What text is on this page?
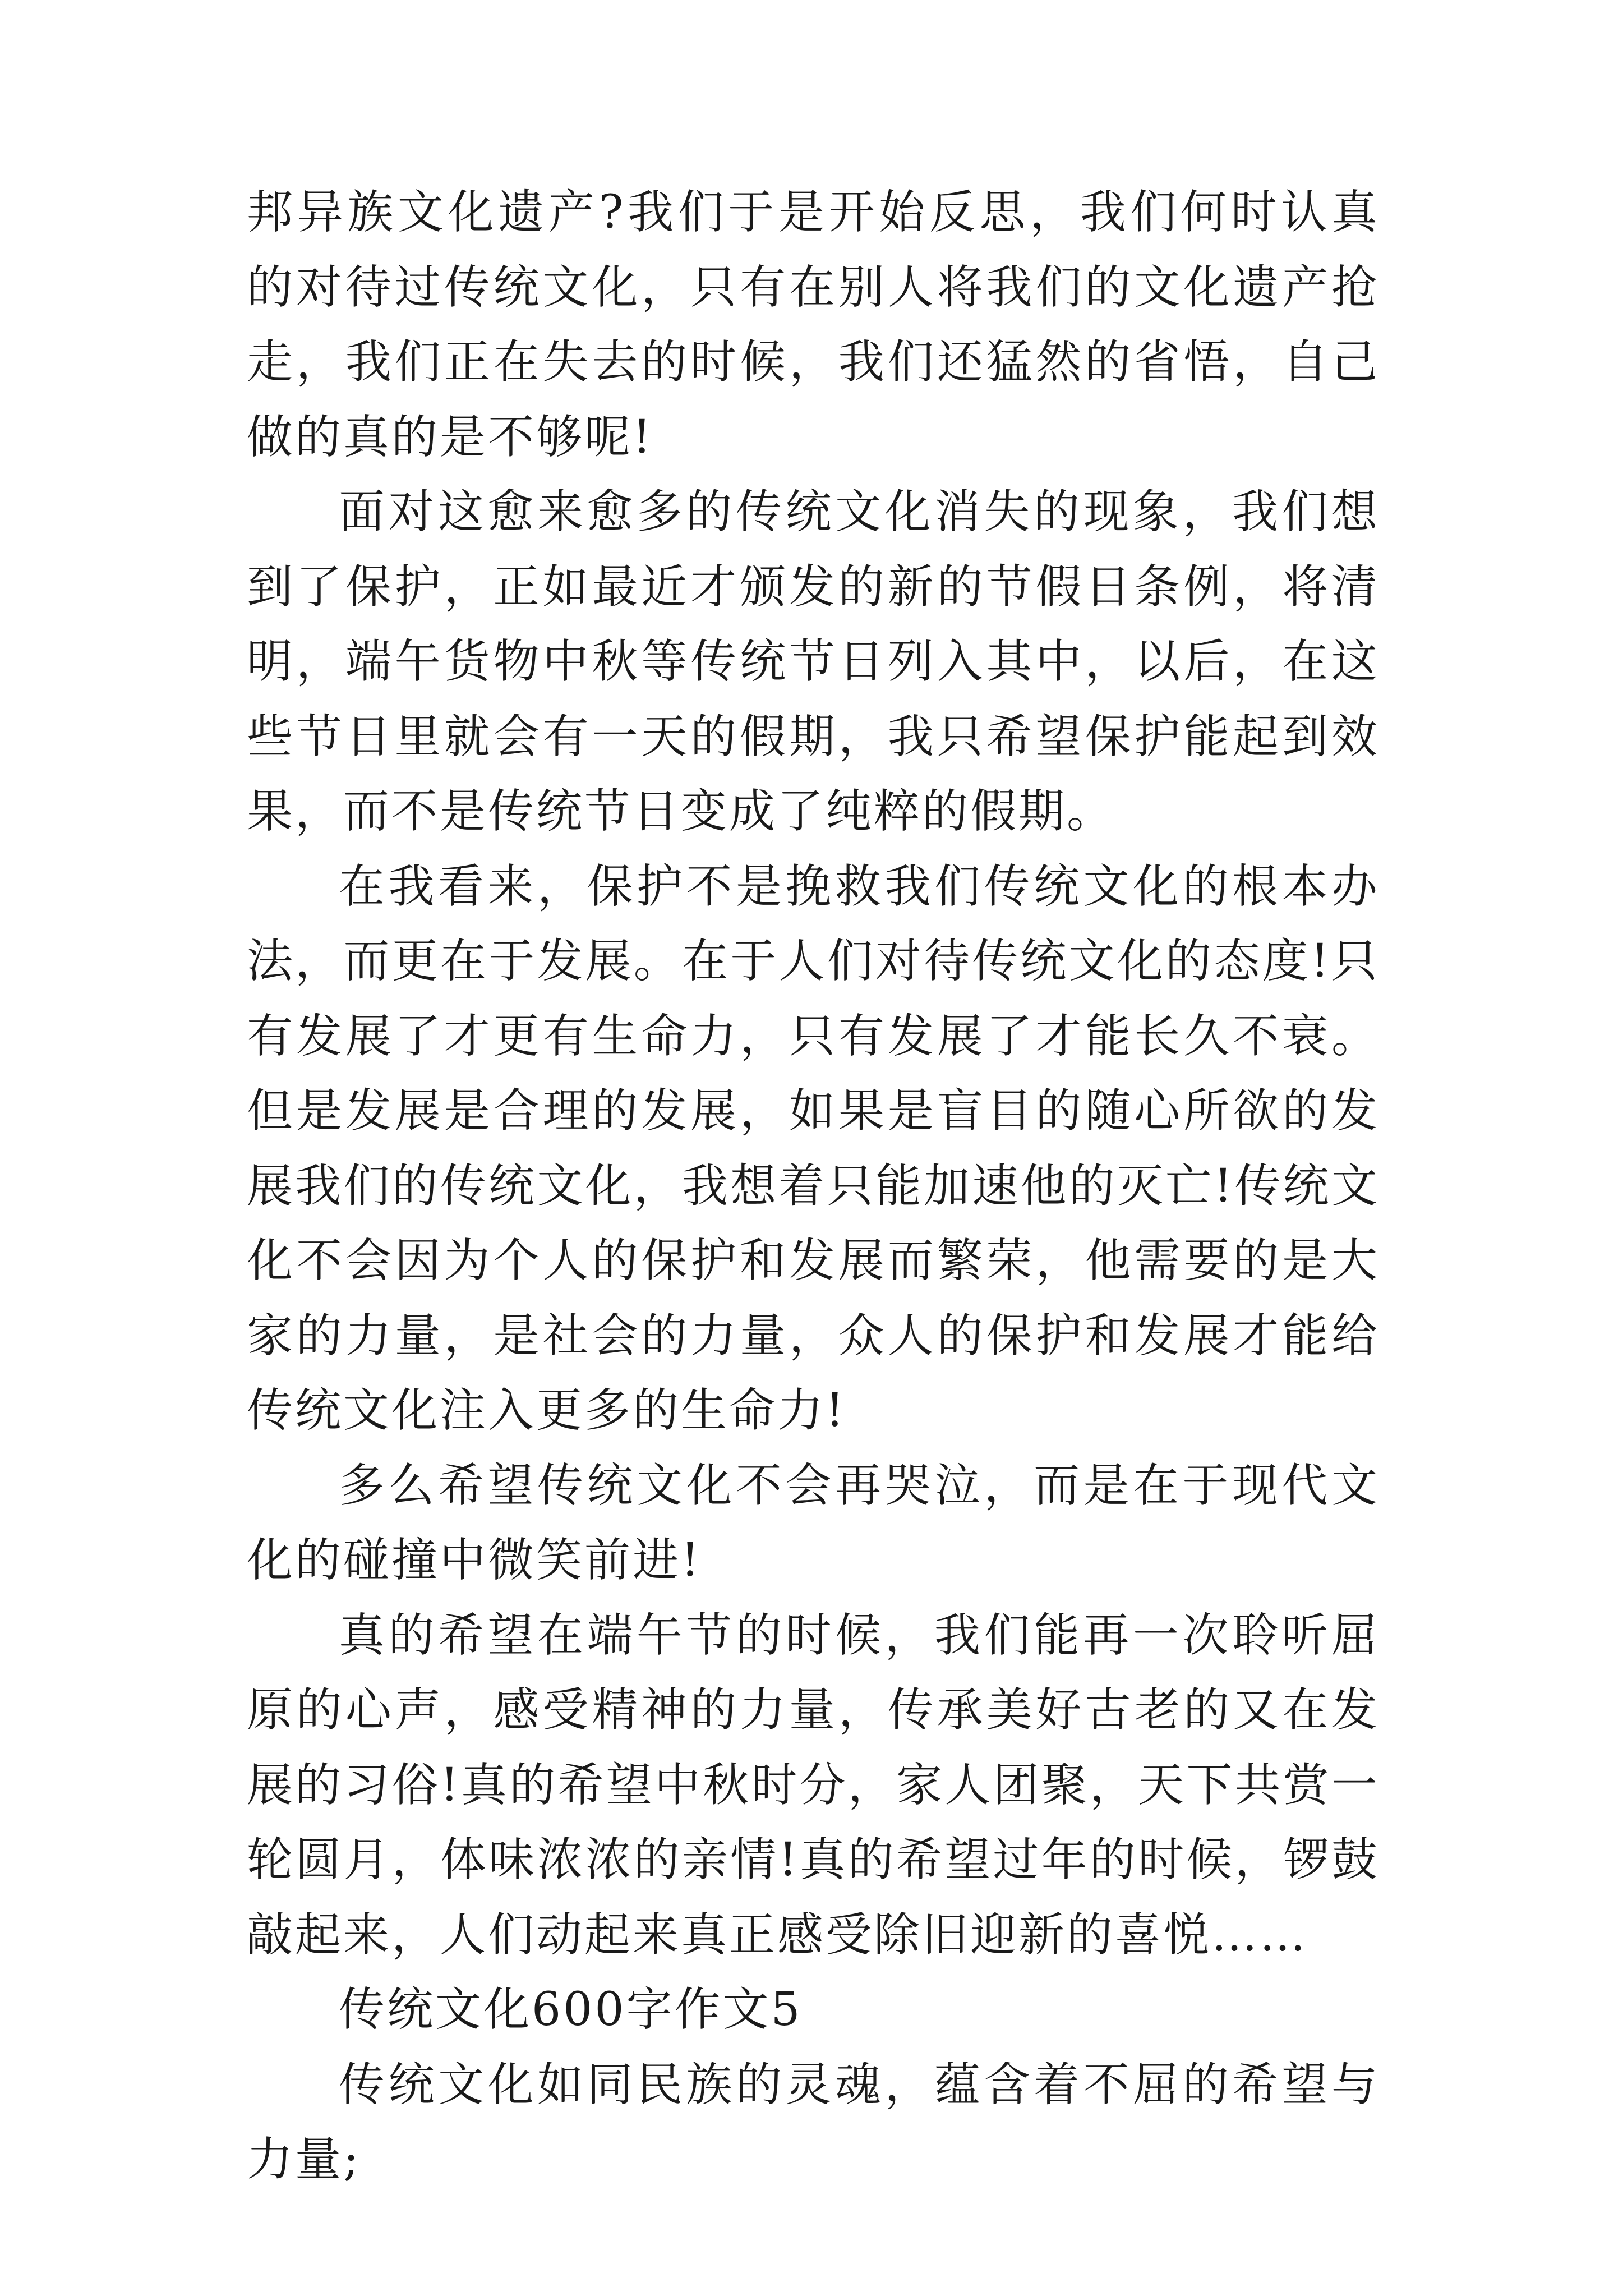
邦异族文化遗产?我们于是开始反思，我们何时认真的对待过传统文化，只有在别人将我们的文化遗产抢走，我们正在失去的时候，我们还猛然的省悟，自己做的真的是不够呢!

面对这愈来愈多的传统文化消失的现象，我们想到了保护，正如最近才颁发的新的节假日条例，将清明，端午货物中秋等传统节日列入其中，以后，在这些节日里就会有一天的假期，我只希望保护能起到效果，而不是传统节日变成了纯粹的假期。

在我看来，保护不是挽救我们传统文化的根本办法，而更在于发展。在于人们对待传统文化的态度!只有发展了才更有生命力，只有发展了才能长久不衰。但是发展是合理的发展，如果是盲目的随心所欲的发展我们的传统文化，我想着只能加速他的灭亡!传统文化不会因为个人的保护和发展而繁荣，他需要的是大家的力量，是社会的力量，众人的保护和发展才能给传统文化注入更多的生命力!

多么希望传统文化不会再哭泣，而是在于现代文化的碰撞中微笑前进!

真的希望在端午节的时候，我们能再一次聆听屈原的心声，感受精神的力量，传承美好古老的又在发展的习俗!真的希望中秋时分，家人团聚，天下共赏一轮圆月，体味浓浓的亲情!真的希望过年的时候，锣鼓敲起来，人们动起来真正感受除旧迎新的喜悦……

传统文化600字作文5

传统文化如同民族的灵魂，蕴含着不屈的希望与力量;
